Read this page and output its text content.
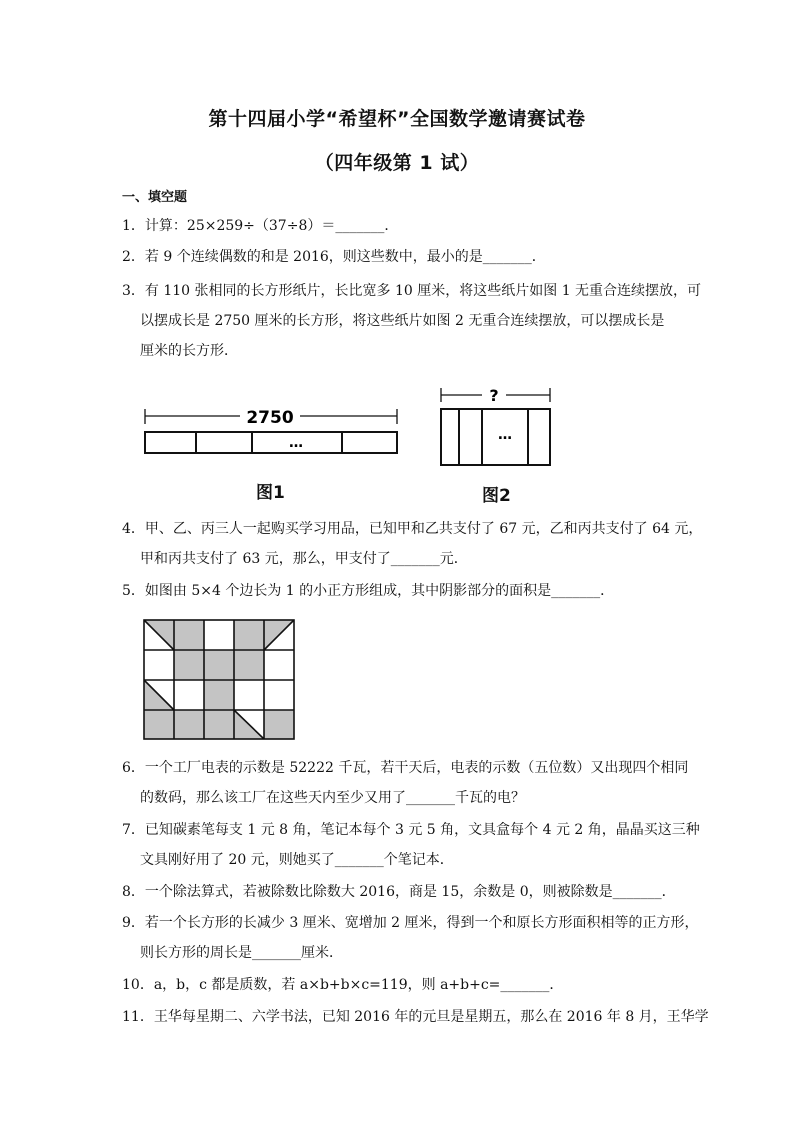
第十四届小学“希望杯”全国数学邀请赛试卷
（四年级第 1 试）
一、填空题
1．计算：25×259÷（37÷8）＝_______．
2．若 9 个连续偶数的和是 2016，则这些数中，最小的是_______．
3．有 110 张相同的长方形纸片，长比宽多 10 厘米，将这些纸片如图 1 无重合连续摆放，可
以摆成长是 2750 厘米的长方形，将这些纸片如图 2 无重合连续摆放，可以摆成长是
厘米的长方形．
2750
…
图1
?
…
图2
4．甲、乙、丙三人一起购买学习用品，已知甲和乙共支付了 67 元，乙和丙共支付了 64 元，
甲和丙共支付了 63 元，那么，甲支付了_______元．
5．如图由 5×4 个边长为 1 的小正方形组成，其中阴影部分的面积是_______．
6．一个工厂电表的示数是 52222 千瓦，若干天后，电表的示数（五位数）又出现四个相同
的数码，那么该工厂在这些天内至少又用了_______千瓦的电？
7．已知碳素笔每支 1 元 8 角，笔记本每个 3 元 5 角，文具盒每个 4 元 2 角，晶晶买这三种
文具刚好用了 20 元，则她买了_______个笔记本．
8．一个除法算式，若被除数比除数大 2016，商是 15，余数是 0，则被除数是_______．
9．若一个长方形的长减少 3 厘米、宽增加 2 厘米，得到一个和原长方形面积相等的正方形，
则长方形的周长是_______厘米．
10．a，b，c 都是质数，若 a×b+b×c=119，则 a+b+c=_______．
11．王华每星期二、六学书法，已知 2016 年的元旦是星期五，那么在 2016 年 8 月，王华学
